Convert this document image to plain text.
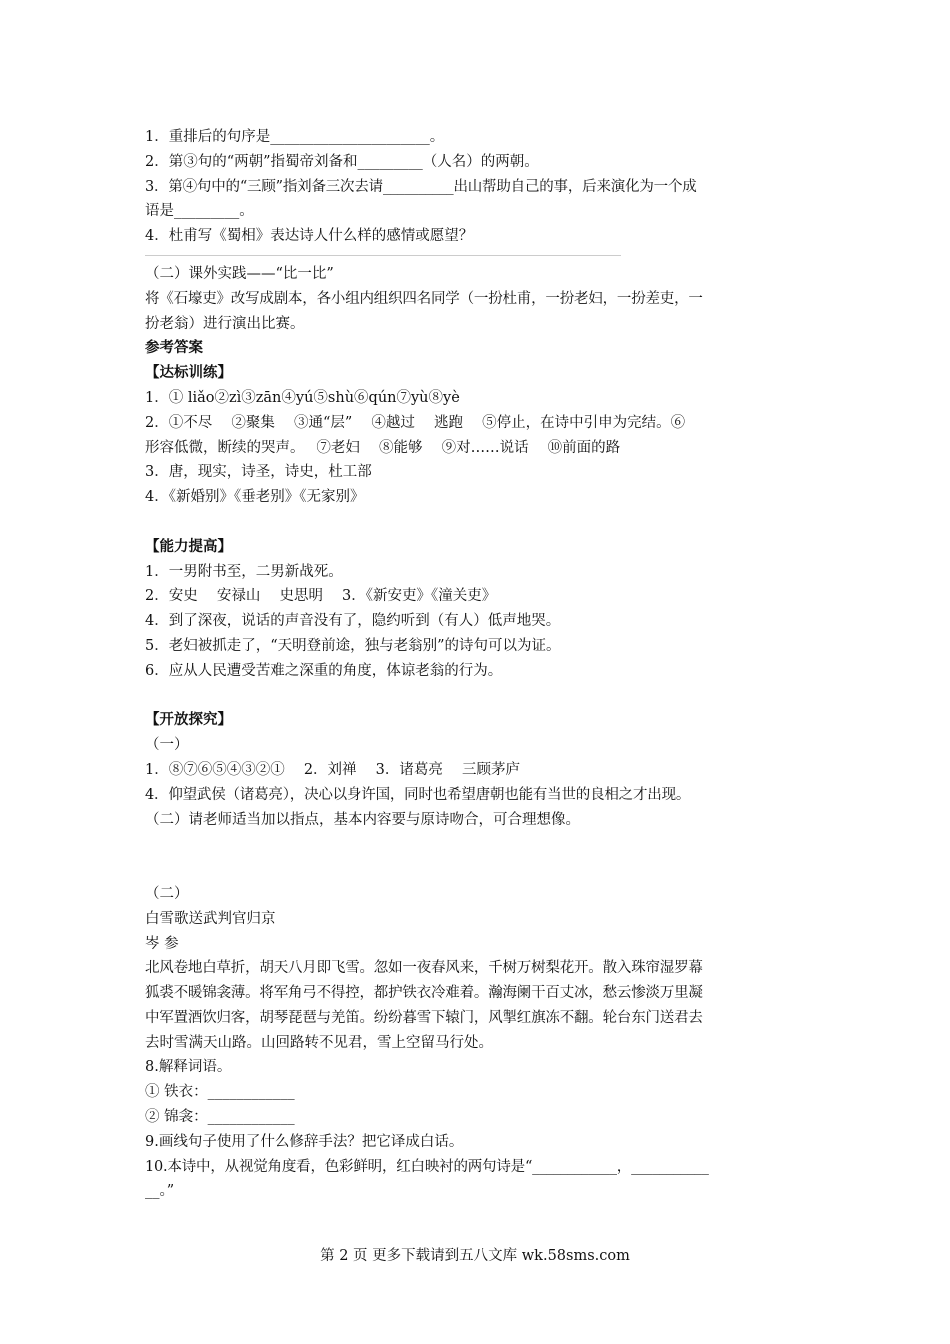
1．重排后的句序是______________________。
2．第③句的“两朝”指蜀帝刘备和_________（人名）的两朝。
3．第④句中的“三顾”指刘备三次去请__________出山帮助自己的事，后来演化为一个成
语是_________。
4．杜甫写《蜀相》表达诗人什么样的感情或愿望？
（二）课外实践——“比一比”
将《石壕吏》改写成剧本，各小组内组织四名同学（一扮杜甫，一扮老妇，一扮差吏，一
扮老翁）进行演出比赛。
参考答案
【达标训练】
1．① liǎo②zì③zān④yú⑤shù⑥qún⑦yù⑧yè
2．①不尽　 ②聚集　 ③通“层”　 ④越过　 逃跑　 ⑤停止，在诗中引申为完结。⑥
形容低微，断续的哭声。　 ⑦老妇　 ⑧能够　 ⑨对……说话　 ⑩前面的路
3．唐，现实，诗圣，诗史，杜工部
4．《新婚别》《垂老别》《无家别》
【能力提高】
1．一男附书至，二男新战死。
2．安史　 安禄山　 史思明　 3．《新安吏》《潼关吏》
4．到了深夜，说话的声音没有了，隐约听到（有人）低声地哭。
5．老妇被抓走了，“天明登前途，独与老翁别”的诗句可以为证。
6．应从人民遭受苦难之深重的角度，体谅老翁的行为。
【开放探究】
（一）
1．⑧⑦⑥⑤④③②①　 2．刘禅　 3．诸葛亮　 三顾茅庐
4．仰望武侯（诸葛亮），决心以身许国，同时也希望唐朝也能有当世的良相之才出现。
（二）请老师适当加以指点，基本内容要与原诗吻合，可合理想像。
（二）
白雪歌送武判官归京
岑 参
北风卷地白草折，胡天八月即飞雪。忽如一夜春风来，千树万树梨花开。散入珠帘湿罗幕
狐裘不暖锦衾薄。将军角弓不得控，都护铁衣冷难着。瀚海阑干百丈冰，愁云惨淡万里凝
中军置酒饮归客，胡琴琵琶与羌笛。纷纷暮雪下辕门，风掣红旗冻不翻。轮台东门送君去
去时雪满天山路。山回路转不见君，雪上空留马行处。
8.解释词语。
① 铁衣：____________
② 锦衾：____________
9.画线句子使用了什么修辞手法？把它译成白话。
10.本诗中，从视觉角度看，色彩鲜明，红白映衬的两句诗是“____________，___________
__。”
第 2 页 更多下载请到五八文库 wk.58sms.com
